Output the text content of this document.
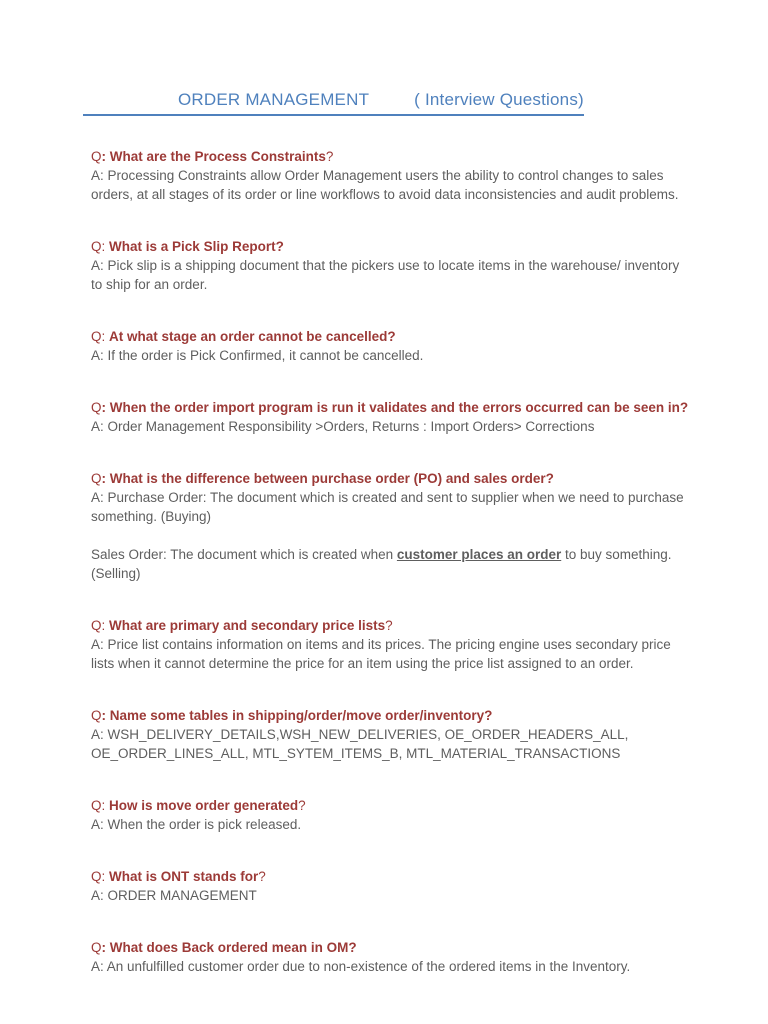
ORDER MANAGEMENT	( Interview Questions)
Q: What are the Process Constraints?

A: Processing Constraints allow Order Management users the ability to control changes to sales orders, at all stages of its order or line workflows to avoid data inconsistencies and audit problems.

Q: What is a Pick Slip Report?

A: Pick slip is a shipping document that the pickers use to locate items in the warehouse/ inventory to ship for an order.

Q: At what stage an order cannot be cancelled?

A: If the order is Pick Confirmed, it cannot be cancelled.

Q: When the order import program is run it validates and the errors occurred can be seen in?

A: Order Management Responsibility >Orders, Returns : Import Orders> Corrections

Q: What is the difference between purchase order (PO) and sales order?

A: Purchase Order: The document which is created and sent to supplier when we need to purchase something. (Buying)

Sales Order: The document which is created when customer places an order to buy something. (Selling)

Q: What are primary and secondary price lists?

A: Price list contains information on items and its prices. The pricing engine uses secondary price lists when it cannot determine the price for an item using the price list assigned to an order.

Q: Name some tables in shipping/order/move order/inventory?

A: WSH_DELIVERY_DETAILS,WSH_NEW_DELIVERIES, OE_ORDER_HEADERS_ALL, OE_ORDER_LINES_ALL, MTL_SYTEM_ITEMS_B, MTL_MATERIAL_TRANSACTIONS

Q: How is move order generated?

A: When the order is pick released.

Q: What is ONT stands for?

A: ORDER MANAGEMENT

Q: What does Back ordered mean in OM?

A: An unfulfilled customer order due to non-existence of the ordered items in the Inventory.
